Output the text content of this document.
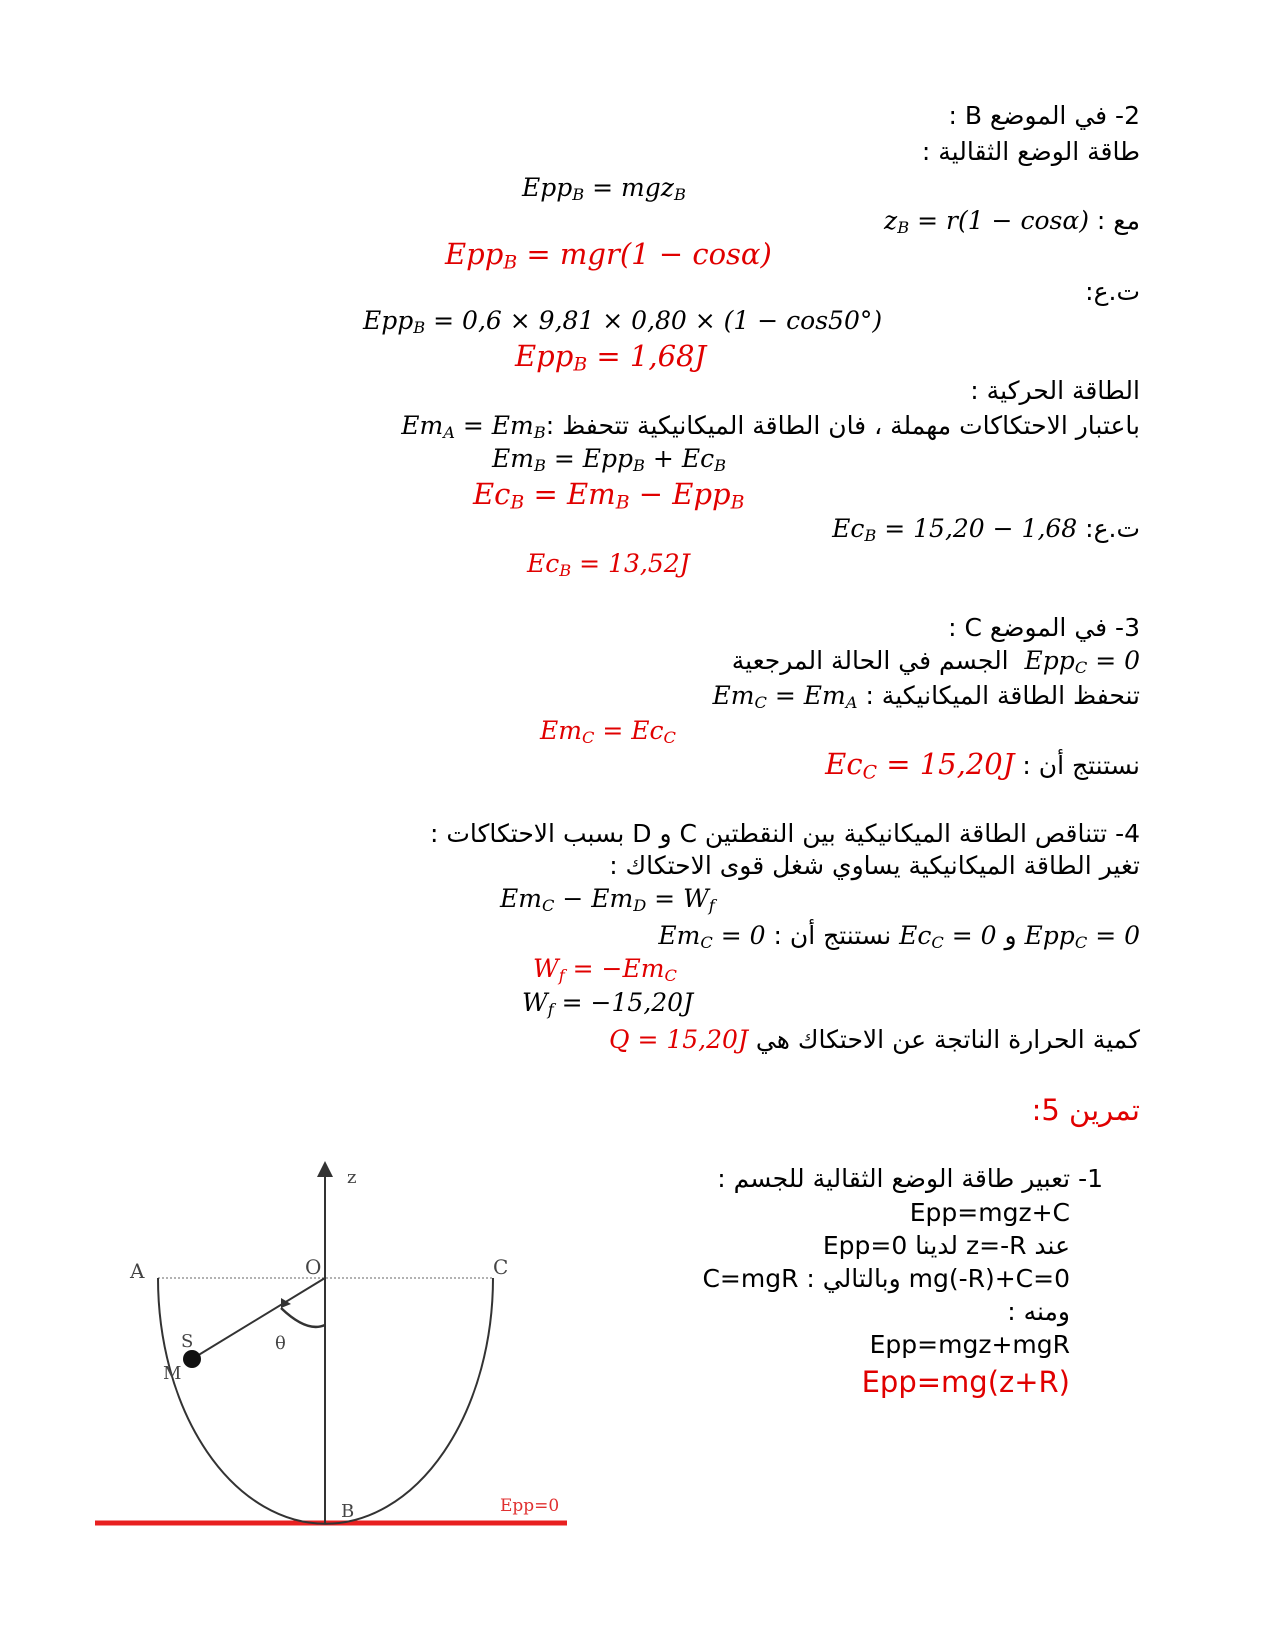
2- في الموضع B :
طاقة الوضع الثقالية :
Epp$_B$ = mgz$_B$
مع : $z_B = r(1 - \cos\alpha)$
Epp$_B$ = mgr(1 − cosα)
ت.ع:
Epp$_B$ = 0,6 × 9,81 × 0,80 × (1 − cos50°)
Epp$_B$ = 1,68J
الطاقة الحركية :
باعتبار الاحتكاكات مهملة ، فان الطاقة الميكانيكية تتحفظ $:Em_A = Em_B$
$Em_B = Epp_B + Ec_B$
$Ec_B = Em_B - Epp_B$
ت.ع: $Ec_B = 15,20 - 1,68$
$Ec_B = 13,52J$
3- في الموضع C :
Epp$_C$ = 0  الجسم في الحالة المرجعية
تنحفظ الطاقة الميكانيكية : $Em_C = Em_A$
$Em_C = Ec_C$
نستنتج أن : $Ec_C = 15,20J$
4- تتناقص الطاقة الميكانيكية بين النقطتين C و D بسبب الاحتكاكات :
تغير الطاقة الميكانيكية يساوي شغل قوى الاحتكاك :
$Em_C - Em_D = W_f$
Epp$_C$ = 0 و $Ec_C = 0$ نستنتج أن : $Em_C = 0$
$W_f = -Em_C$
$W_f = -15,20J$
كمية الحرارة الناتجة عن الاحتكاك هي Q = 15,20J
تمرين 5:
1- تعبير طاقة الوضع الثقالية للجسم :
Epp=mgz+C
عند z=-R لدينا Epp=0
0=mg(-R)+C وبالتالي : C=mgR
ومنه :
Epp=mgz+mgR
Epp=mg(z+R)
z
A	O	C
S
M
θ
B	Epp=0
